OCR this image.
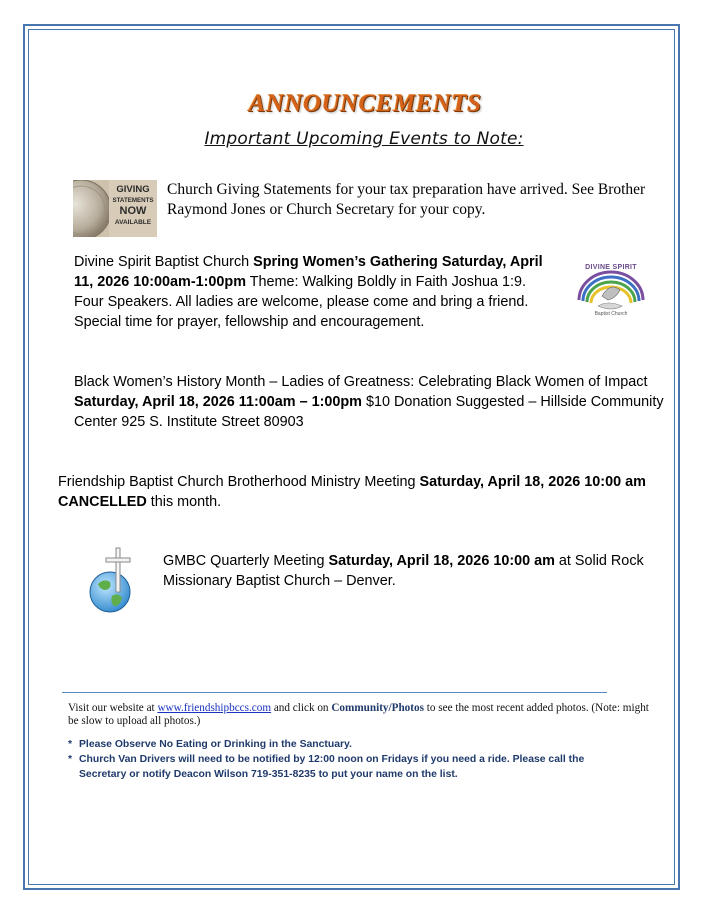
ANNOUNCEMENTS
Important Upcoming Events to Note:
GIVING
STATEMENTS
NOW
AVAILABLE
Church Giving Statements for your tax preparation have arrived. See Brother Raymond Jones or Church Secretary for your copy.
Divine Spirit Baptist Church Spring Women’s Gathering Saturday, April 11, 2026 10:00am-1:00pm Theme: Walking Boldly in Faith Joshua 1:9. Four Speakers. All ladies are welcome, please come and bring a friend. Special time for prayer, fellowship and encouragement.
DIVINE SPIRIT
Baptist Church
Black Women’s History Month – Ladies of Greatness: Celebrating Black Women of Impact Saturday, April 18, 2026 11:00am – 1:00pm $10 Donation Suggested – Hillside Community Center 925 S. Institute Street 80903
Friendship Baptist Church Brotherhood Ministry Meeting Saturday, April 18, 2026 10:00 am CANCELLED this month.
GMBC Quarterly Meeting Saturday, April 18, 2026 10:00 am at Solid Rock Missionary Baptist Church – Denver.
Visit our website at www.friendshipbccs.com and click on Community/Photos to see the most recent added photos. (Note: might be slow to upload all photos.)
* Please Observe No Eating or Drinking in the Sanctuary.
* Church Van Drivers will need to be notified by 12:00 noon on Fridays if you need a ride. Please call the Secretary or notify Deacon Wilson 719-351-8235 to put your name on the list.
